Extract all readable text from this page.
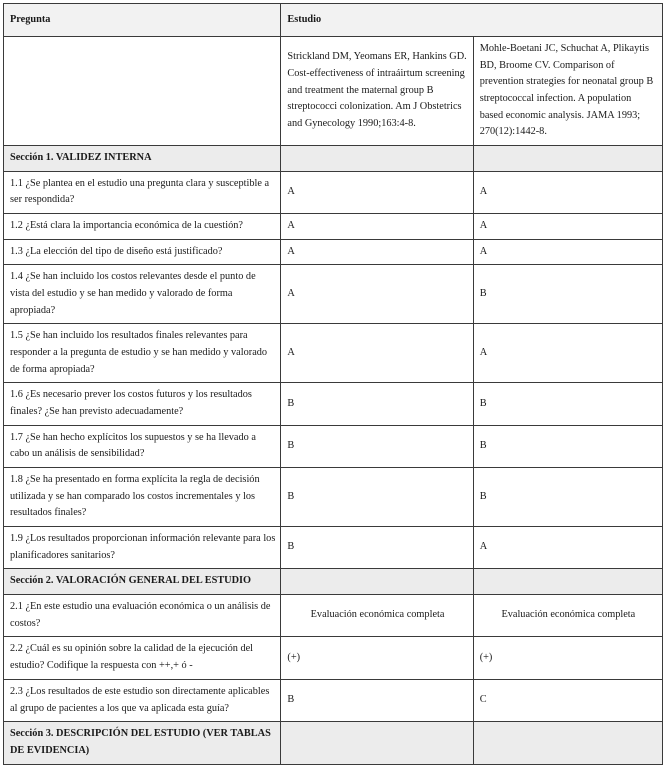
Pregunta	Estudio	
	Strickland DM, Yeomans ER, Hankins GD. Cost-effectiveness of intraáirtum screening and treatment the maternal group B streptococci colonization. Am J Obstetrics and Gynecology 1990;163:4-8.	Mohle-Boetani JC, Schuchat A, Plikaytis BD, Broome CV. Comparison of prevention strategies for neonatal group B streptococcal infection. A population based economic analysis. JAMA 1993; 270(12):1442-8.
Sección 1. VALIDEZ INTERNA		
1.1 ¿Se plantea en el estudio una pregunta clara y susceptible a ser respondida?	A	A
1.2 ¿Está clara la importancia económica de la cuestión?	A	A
1.3 ¿La elección del tipo de diseño está justificado?	A	A
1.4 ¿Se han incluido los costos relevantes desde el punto de vista del estudio y se han medido y valorado de forma apropiada?	A	B
1.5 ¿Se han incluido los resultados finales relevantes para responder a la pregunta de estudio y se han medido y valorado de forma apropiada?	A	A
1.6 ¿Es necesario prever los costos futuros y los resultados finales? ¿Se han previsto adecuadamente?	B	B
1.7 ¿Se han hecho explícitos los supuestos y se ha llevado a cabo un análisis de sensibilidad?	B	B
1.8 ¿Se ha presentado en forma explícita la regla de decisión utilizada y se han comparado los costos incrementales y los resultados finales?	B	B
1.9 ¿Los resultados proporcionan información relevante para los planificadores sanitarios?	B	A
Sección 2. VALORACIÓN GENERAL DEL ESTUDIO		
2.1 ¿En este estudio una evaluación económica o un análisis de costos?	Evaluación económica completa	Evaluación económica completa
2.2 ¿Cuál es su opinión sobre la calidad de la ejecución del estudio? Codifique la respuesta con ++,+ ó -	(+)	(+)
2.3 ¿Los resultados de este estudio son directamente aplicables al grupo de pacientes a los que va aplicada esta guía?	B	C
Sección 3. DESCRIPCIÓN DEL ESTUDIO (VER TABLAS DE EVIDENCIA)		
